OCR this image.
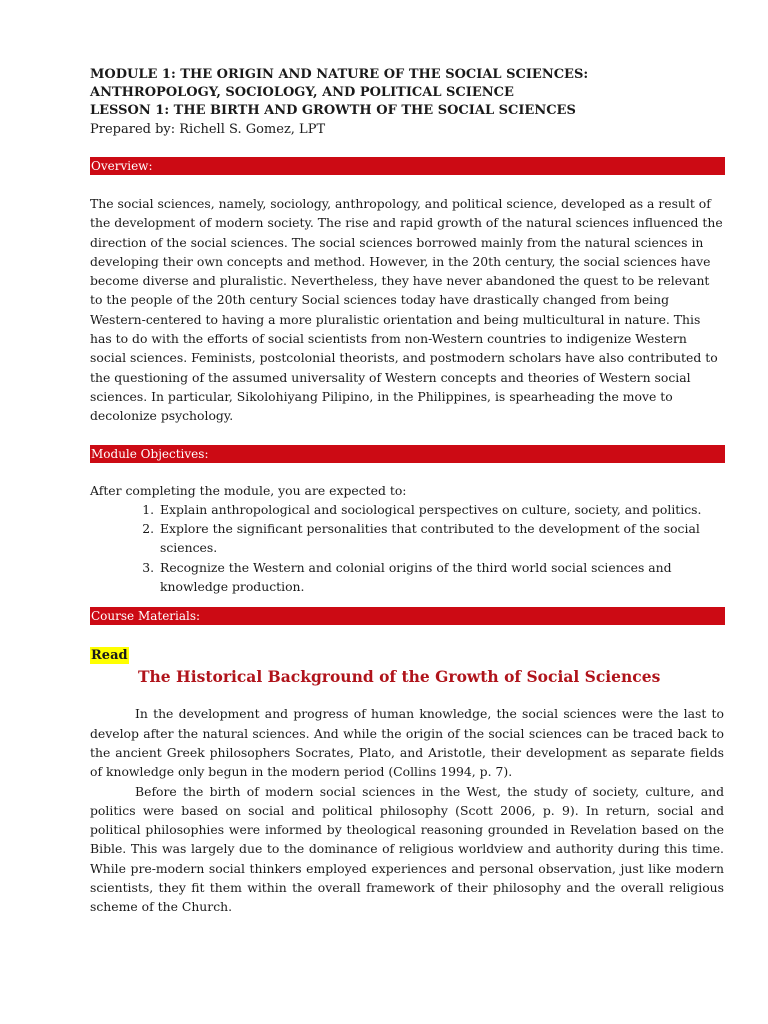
MODULE 1: THE ORIGIN AND NATURE OF THE SOCIAL SCIENCES:
ANTHROPOLOGY, SOCIOLOGY, AND POLITICAL SCIENCE
LESSON 1: THE BIRTH AND GROWTH OF THE SOCIAL SCIENCES
Prepared by: Richell S. Gomez, LPT
Overview:
The social sciences, namely, sociology, anthropology, and political science, developed as a result of the development of modern society. The rise and rapid growth of the natural sciences influenced the direction of the social sciences. The social sciences borrowed mainly from the natural sciences in developing their own concepts and method. However, in the 20th century, the social sciences have become diverse and pluralistic. Nevertheless, they have never abandoned the quest to be relevant to the people of the 20th century Social sciences today have drastically changed from being Western-centered to having a more pluralistic orientation and being multicultural in nature. This has to do with the efforts of social scientists from non-Western countries to indigenize Western social sciences. Feminists, postcolonial theorists, and postmodern scholars have also contributed to the questioning of the assumed universality of Western concepts and theories of Western social sciences. In particular, Sikolohiyang Pilipino, in the Philippines, is spearheading the move to decolonize psychology.
Module Objectives:
After completing the module, you are expected to:
1. Explain anthropological and sociological perspectives on culture, society, and politics.
2. Explore the significant personalities that contributed to the development of the social sciences.
3. Recognize the Western and colonial origins of the third world social sciences and knowledge production.
Course Materials:
Read
The Historical Background of the Growth of Social Sciences
In the development and progress of human knowledge, the social sciences were the last to develop after the natural sciences. And while the origin of the social sciences can be traced back to the ancient Greek philosophers Socrates, Plato, and Aristotle, their development as separate fields of knowledge only begun in the modern period (Collins 1994, p. 7).
Before the birth of modern social sciences in the West, the study of society, culture, and politics were based on social and political philosophy (Scott 2006, p. 9). In return, social and political philosophies were informed by theological reasoning grounded in Revelation based on the Bible. This was largely due to the dominance of religious worldview and authority during this time. While pre-modern social thinkers employed experiences and personal observation, just like modern scientists, they fit them within the overall framework of their philosophy and the overall religious scheme of the Church.
